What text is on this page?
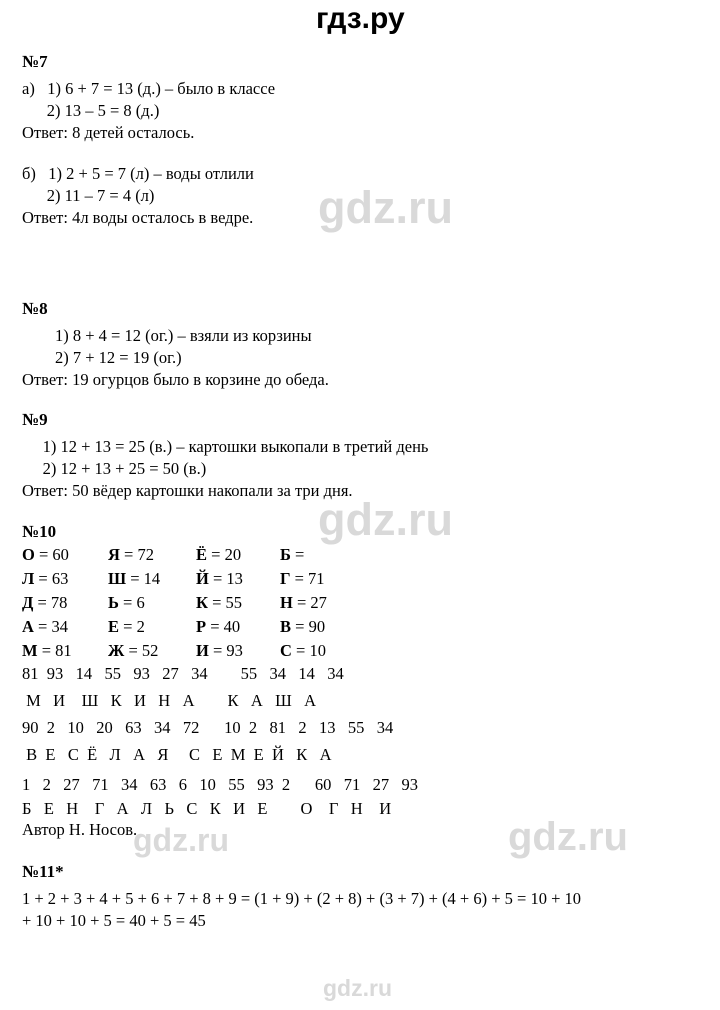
гдз.ру
gdz.ru
gdz.ru
gdz.ru	gdz.ru
gdz.ru
№7
а)   1) 6 + 7 = 13 (д.) – было в классе
2) 13 – 5 = 8 (д.)
Ответ: 8 детей осталось.
б)   1) 2 + 5 = 7 (л) – воды отлили
2) 11 – 7 = 4 (л)
Ответ: 4л воды осталось в ведре.
№8
1) 8 + 4 = 12 (ог.) – взяли из корзины
2) 7 + 12 = 19 (ог.)
Ответ: 19 огурцов было в корзине до обеда.
№9
1) 12 + 13 = 25 (в.) – картошки выкопали в третий день
2) 12 + 13 + 25 = 50 (в.)
Ответ: 50 вёдер картошки накопали за три дня.
№10
О = 60	Я = 72	Ё = 20	Б =
Л = 63	Ш = 14	Й = 13	Г = 71
Д = 78	Ь = 6	К = 55	Н = 27
А = 34	Е = 2	Р = 40	В = 90
М = 81	Ж = 52	И = 93	С = 10
81  93   14   55   93   27   34        55   34   14   34
М   И    Ш   К   И   Н   А        К   А   Ш   А
90  2   10   20   63   34   72      10  2   81   2   13   55   34
В  Е   С  Ё   Л   А   Я     С   Е  М  Е  Й   К   А
1   2   27   71   34   63   6   10   55   93  2      60   71   27   93
Б   Е   Н    Г   А   Л   Ь   С   К   И   Е        О    Г   Н    И
Автор Н. Носов.
№11*
1 + 2 + 3 + 4 + 5 + 6 + 7 + 8 + 9 = (1 + 9) + (2 + 8) + (3 + 7) + (4 + 6) + 5 = 10 + 10
+ 10 + 10 + 5 = 40 + 5 = 45
